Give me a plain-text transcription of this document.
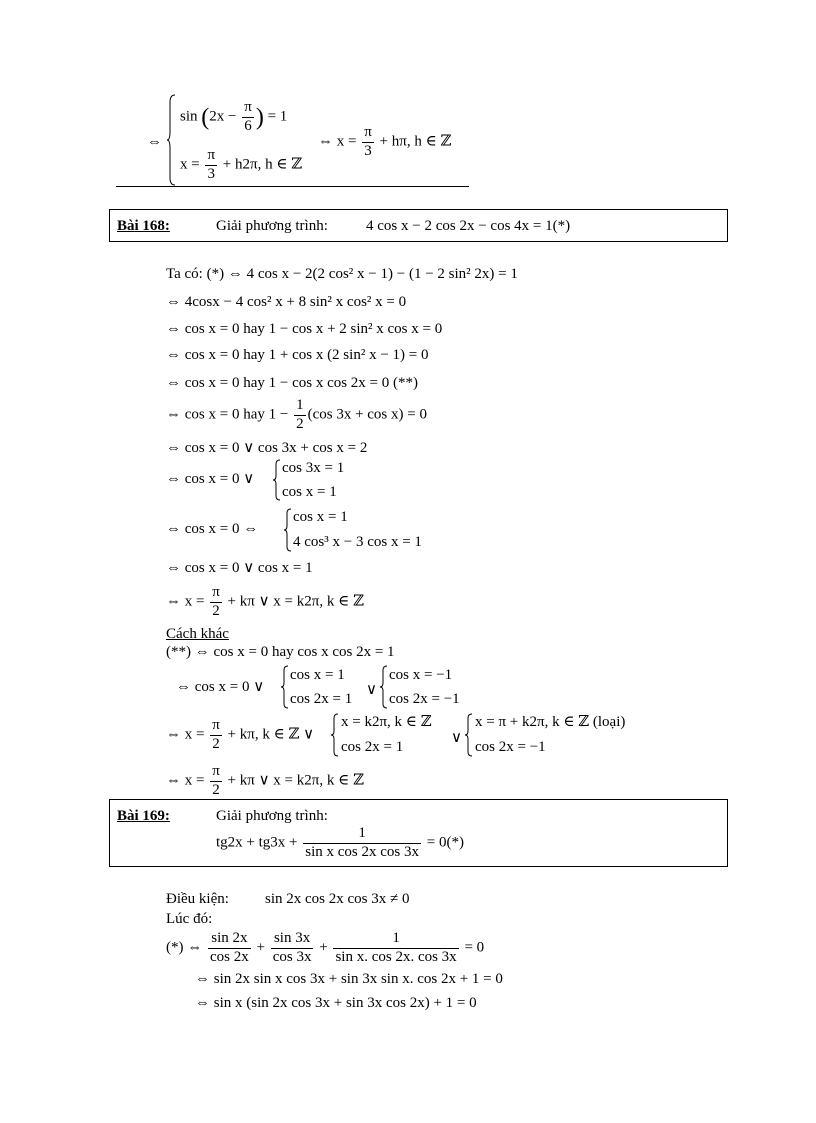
⇔
$\sin (2x - \frac{\pi}{6}$ ) = 1
$x = \frac{\pi}{3} + h2\pi$, h ∈ ℤ
⇔ $x = \frac{\pi}{3} + h\pi$, h ∈ ℤ
Bài 168:	Giải phương trình:	4 cos x − 2 cos 2x − cos 4x = 1(*)
Ta có: (*) ⇔ 4 cos x − 2(2 cos² x − 1) − (1 − 2 sin² 2x) = 1
⇔ 4cosx − 4 cos² x + 8 sin² x cos² x = 0
⇔ cos x = 0 hay 1 − cos x + 2 sin² x cos x = 0
⇔ cos x = 0 hay 1 + cos x (2 sin² x − 1) = 0
⇔ cos x = 0 hay 1 − cos x cos 2x = 0 (**)
⇔ cos x = 0 hay $1 - \frac{1}{2} (\cos$ 3x + cos x) = 0
⇔ cos x = 0 ∨ cos 3x + cos x = 2
⇔ cos x = 0 ∨
cos 3x = 1
cos x = 1
⇔ cos x = 0 ⇔
cos x = 1
4 cos³ x − 3 cos x = 1
⇔ cos x = 0 ∨ cos x = 1
⇔ $x = \frac{\pi}{2} + k\pi$ ∨ x = k2π, k ∈ ℤ
Cách khác
(**) ⇔ cos x = 0 hay cos x cos 2x = 1
⇔ cos x = 0 ∨
cos x = 1
cos 2x = 1
∨
cos x = −1
cos 2x = −1
⇔ $x = \frac{\pi}{2} + k\pi$, k ∈ ℤ ∨
x = k2π, k ∈ ℤ
cos 2x = 1
∨
x = π + k2π, k ∈ ℤ (loại)
cos 2x = −1
⇔ $x = \frac{\pi}{2} + k\pi$ ∨ x = k2π, k ∈ ℤ
Bài 169:	Giải phương trình:
$tg2x + tg3x + \frac{1}{\text{sin x cos 2x cos 3x}} = 0(*)$
Điều kiện: sin 2x cos 2x cos 3x ≠ 0
Lúc đó:
(*) ⇔ $\frac{\sin 2x}{\cos 2x} + \frac{\sin 3x}{\cos 3x} + \frac{1}{\text{sin x. cos 2x. cos 3x}} = 0$
⇔ sin 2x sin x cos 3x + sin 3x sin x. cos 2x + 1 = 0
⇔ sin x (sin 2x cos 3x + sin 3x cos 2x) + 1 = 0
